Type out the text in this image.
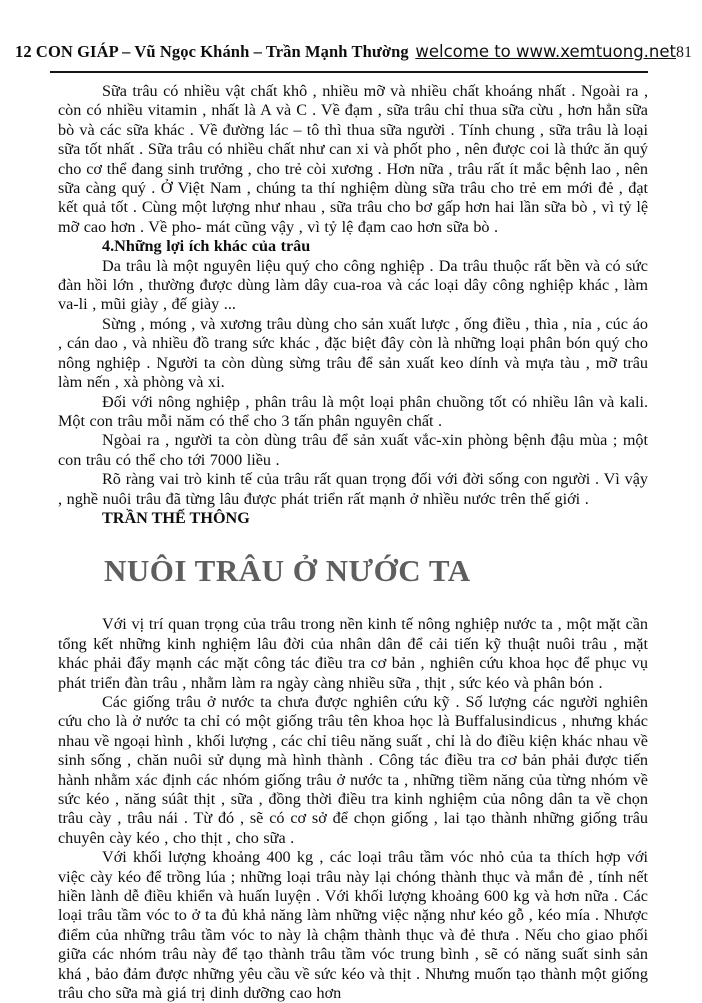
12 CON GIÁP – Vũ Ngọc Khánh – Trần Mạnh Thường welcome to www.xemtuong.net 81

Sữa trâu có nhiều vật chất khô , nhiều mỡ và nhiều chất khoáng nhất . Ngoài ra , còn có nhiều vitamin , nhất là A và C . Về đạm , sữa trâu chỉ thua sữa cừu , hơn hẳn sữa bò và các sữa khác . Về đường lác – tô thì thua sữa người . Tính chung , sữa trâu là loại sữa tốt nhất . Sữa trâu có nhiều chất như can xi và phốt pho , nên được coi là thức ăn quý cho cơ thể đang sinh trưởng , cho trẻ còi xương . Hơn nữa , trâu rất ít mắc bệnh lao , nên sữa càng quý . Ở Việt Nam , chúng ta thí nghiệm dùng sữa trâu cho trẻ em mới đẻ , đạt kết quả tốt . Cùng một lượng như nhau , sữa trâu cho bơ gấp hơn hai lần sữa bò , vì tỷ lệ mỡ cao hơn . Về pho- mát cũng vậy , vì tỷ lệ đạm cao hơn sữa bò .

4.Những lợi ích khác của trâu

Da trâu là một nguyên liệu quý cho công nghiệp . Da trâu thuộc rất bền và có sức đàn hồi lớn , thường được dùng làm dây cua-roa và các loại dây công nghiệp khác , làm va-li , mũi giày , đế giày ...

Sừng , móng , và xương trâu dùng cho sản xuất lược , ống điều , thìa , nỉa , cúc áo , cán dao , và nhiều đồ trang sức khác , đặc biệt đây còn là những loại phân bón quý cho nông nghiệp . Người ta còn dùng sừng trâu để sản xuất keo dính và mựa tàu , mỡ trâu làm nến , xà phòng và xi.

Đối với nông nghiệp , phân trâu là một loại phân chuồng tốt có nhiều lân và kali. Một con trâu mỗi năm có thể cho 3 tấn phân nguyên chất .

Ngòai ra , người ta còn dùng trâu để sản xuất vắc-xin phòng bệnh đậu mùa ; một con trâu có thể cho tới 7000 liều .

Rõ ràng vai trò kinh tế của trâu rất quan trọng đối với đời sống con người . Vì vậy , nghề nuôi trâu đã từng lâu được phát triển rất mạnh ở nhìều nước trên thế giới .

TRẦN THẾ THÔNG

NUÔI TRÂU Ở NƯỚC TA

Với vị trí quan trọng của trâu trong nền kinh tế nông nghiệp nước ta , một mặt cần tổng kết những kinh nghiệm lâu đời của nhân dân để cải tiến kỹ thuật nuôi trâu , mặt khác phải đẩy mạnh các mặt công tác điều tra cơ bản , nghiên cứu khoa học để phục vụ phát triển đàn trâu , nhằm làm ra ngày càng nhiều sữa , thịt , sức kéo và phân bón .

Các giống trâu ở nước ta chưa được nghiên cứu kỹ . Số lượng các người nghiên cứu cho là ở nước ta chỉ có một giống trâu tên khoa học là Buffalusindicus , nhưng khác nhau về ngoại hình , khối lượng , các chỉ tiêu năng suất , chỉ là do điều kiện khác nhau về sinh sống , chăn nuôi sử dụng mà hình thành . Công tác điều tra cơ bản phải được tiến hành nhằm xác định các nhóm giống trâu ở nước ta , những tiềm năng của từng nhóm về sức kéo , năng súât thịt , sữa , đồng thời điều tra kinh nghiệm của nông dân ta về chọn trâu cày , trâu nái . Từ đó , sẽ có cơ sở để chọn giống , lai tạo thành những giống trâu chuyên cày kéo , cho thịt , cho sữa .

Với khối lượng khoảng 400 kg , các loại trâu tầm vóc nhỏ của ta thích hợp với việc cày kéo để trồng lúa ; những loại trâu này lại chóng thành thục và mắn đẻ , tính nết hiền lành dễ điều khiển và huấn luyện . Với khối lượng khoảng 600 kg và hơn nữa . Các loại trâu tầm vóc to ở ta đủ khả năng làm những việc nặng như kéo gỗ , kéo mía . Nhược điểm của những trâu tầm vóc to này là chậm thành thục và đẻ thưa . Nếu cho giao phối giữa các nhóm trâu này để tạo thành trâu tầm vóc trung bình , sẽ có năng suất sinh sản khá , bảo đảm được những yêu cầu về sức kéo và thịt . Nhưng muốn tạo thành một giống trâu cho sữa mà giá trị dinh dưỡng cao hơn
